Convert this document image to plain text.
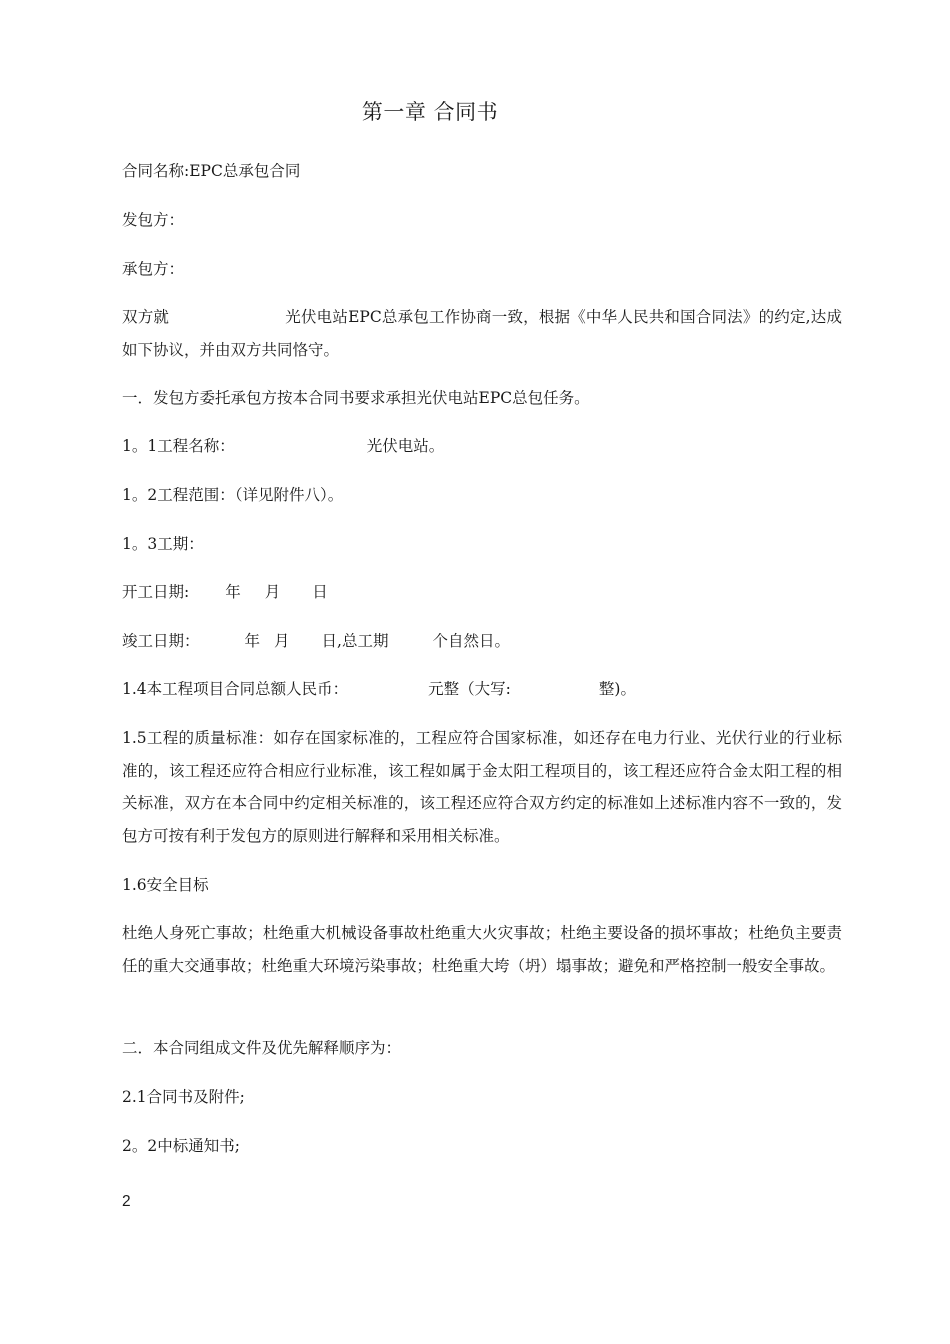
第一章 合同书
合同名称:EPC总承包合同
发包方：
承包方：
双方就	光伏电站EPC总承包工作协商一致，根据《中华人民共和国合同法》的约定,达成如下协议，并由双方共同恪守。
一．发包方委托承包方按本合同书要求承担光伏电站EPC总包任务。
1。1工程名称：	光伏电站。
1。2工程范围：（详见附件八）。
1。3工期：
开工日期: 年 月 日
竣工日期：	年 月 日,总工期	个自然日。
1.4本工程项目合同总额人民币：	元整（大写:	整)。
1.5工程的质量标准：如存在国家标准的，工程应符合国家标准，如还存在电力行业、光伏行业的行业标准的，该工程还应符合相应行业标准，该工程如属于金太阳工程项目的，该工程还应符合金太阳工程的相关标准，双方在本合同中约定相关标准的，该工程还应符合双方约定的标准如上述标准内容不一致的，发包方可按有利于发包方的原则进行解释和采用相关标准。
1.6安全目标
杜绝人身死亡事故；杜绝重大机械设备事故杜绝重大火灾事故；杜绝主要设备的损坏事故；杜绝负主要责任的重大交通事故；杜绝重大环境污染事故；杜绝重大垮（坍）塌事故；避免和严格控制一般安全事故。
二．本合同组成文件及优先解释顺序为：
2.1合同书及附件;
2。2中标通知书;
2
